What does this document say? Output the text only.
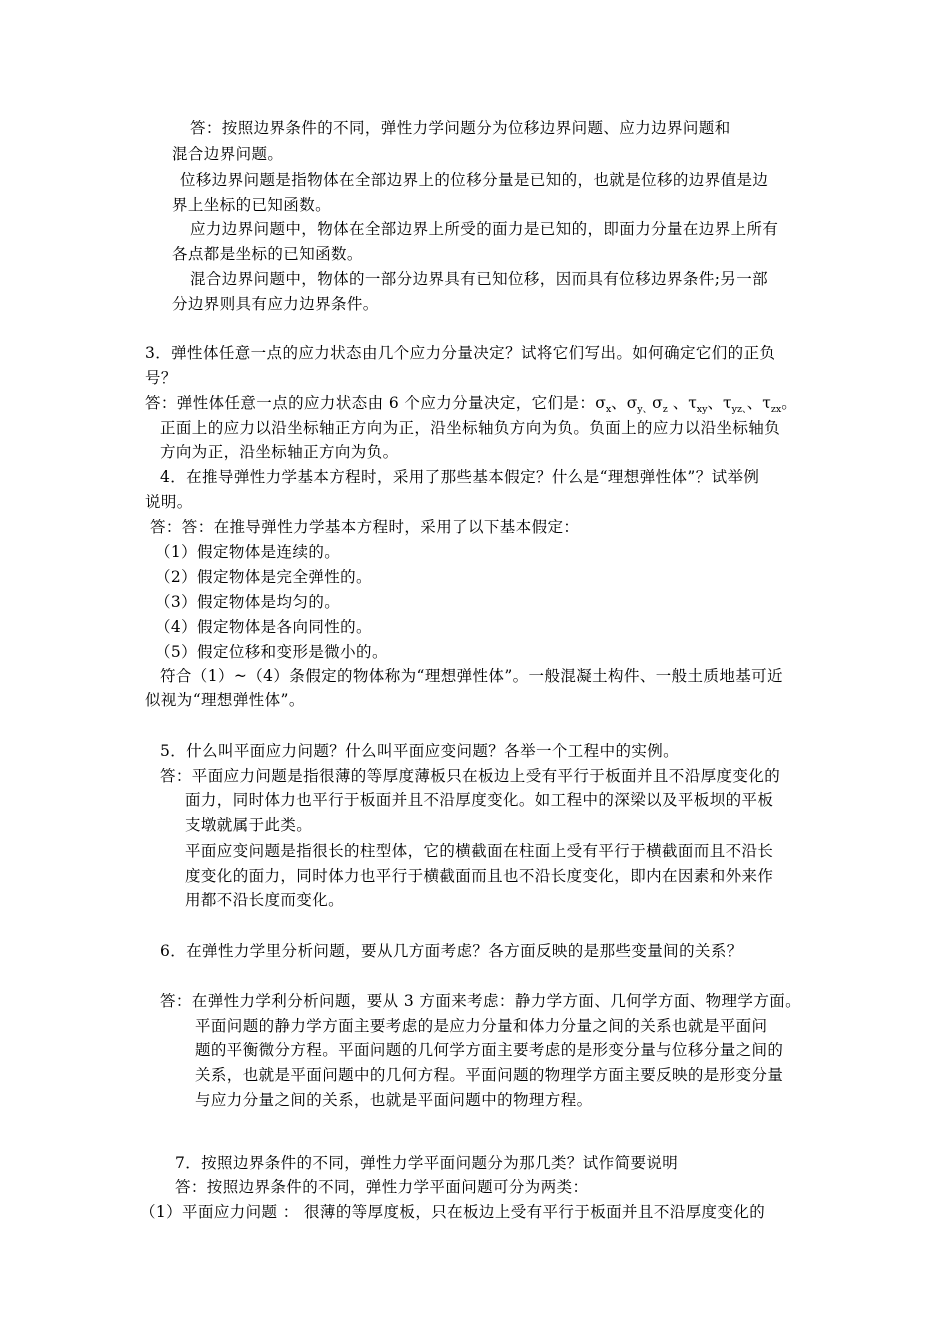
答：按照边界条件的不同，弹性力学问题分为位移边界问题、应力边界问题和
混合边界问题。
位移边界问题是指物体在全部边界上的位移分量是已知的，也就是位移的边界值是边
界上坐标的已知函数。
应力边界问题中，物体在全部边界上所受的面力是已知的，即面力分量在边界上所有
各点都是坐标的已知函数。
混合边界问题中，物体的一部分边界具有已知位移，因而具有位移边界条件;另一部
分边界则具有应力边界条件。
3．弹性体任意一点的应力状态由几个应力分量决定？试将它们写出。如何确定它们的正负
号？
答：弹性体任意一点的应力状态由 6 个应力分量决定，它们是：$\sigma_x$、$\sigma_{y、}\sigma_z$ 、$\tau_{xy}$、$\tau_{yz、}$、$\tau_{zx}$。
正面上的应力以沿坐标轴正方向为正，沿坐标轴负方向为负。负面上的应力以沿坐标轴负
方向为正，沿坐标轴正方向为负。
4．在推导弹性力学基本方程时，采用了那些基本假定？什么是“理想弹性体”？试举例
说明。
答：答：在推导弹性力学基本方程时，采用了以下基本假定：
（1）假定物体是连续的。
（2）假定物体是完全弹性的。
（3）假定物体是均匀的。
（4）假定物体是各向同性的。
（5）假定位移和变形是微小的。
符合（1）~（4）条假定的物体称为“理想弹性体”。一般混凝土构件、一般土质地基可近
似视为“理想弹性体”。
5．什么叫平面应力问题？什么叫平面应变问题？各举一个工程中的实例。
答：平面应力问题是指很薄的等厚度薄板只在板边上受有平行于板面并且不沿厚度变化的
面力，同时体力也平行于板面并且不沿厚度变化。如工程中的深梁以及平板坝的平板
支墩就属于此类。
平面应变问题是指很长的柱型体，它的横截面在柱面上受有平行于横截面而且不沿长
度变化的面力，同时体力也平行于横截面而且也不沿长度变化，即内在因素和外来作
用都不沿长度而变化。
6．在弹性力学里分析问题，要从几方面考虑？各方面反映的是那些变量间的关系？
答：在弹性力学利分析问题，要从 3 方面来考虑：静力学方面、几何学方面、物理学方面。
平面问题的静力学方面主要考虑的是应力分量和体力分量之间的关系也就是平面问
题的平衡微分方程。平面问题的几何学方面主要考虑的是形变分量与位移分量之间的
关系，也就是平面问题中的几何方程。平面问题的物理学方面主要反映的是形变分量
与应力分量之间的关系，也就是平面问题中的物理方程。
7．按照边界条件的不同，弹性力学平面问题分为那几类？试作简要说明
答：按照边界条件的不同，弹性力学平面问题可分为两类：
（1）平面应力问题 ： 很薄的等厚度板，只在板边上受有平行于板面并且不沿厚度变化的
